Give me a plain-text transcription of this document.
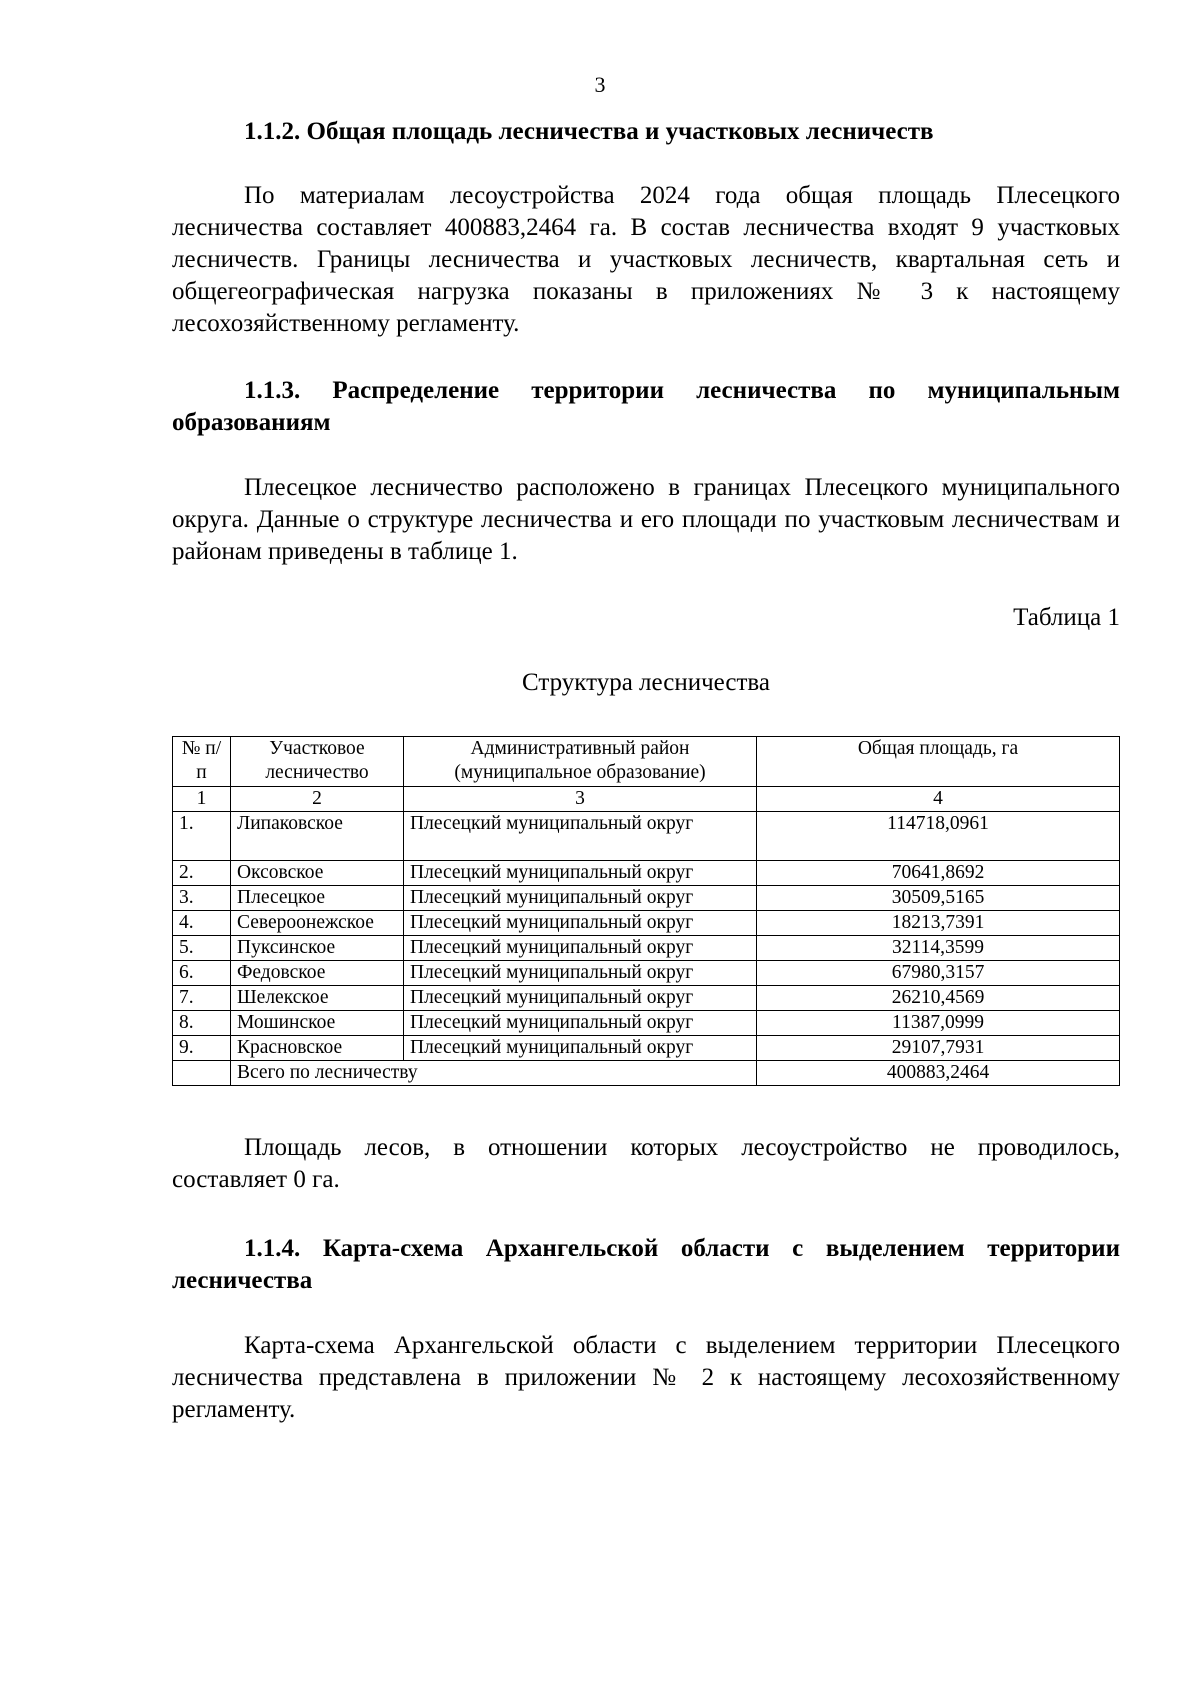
3
1.1.2. Общая площадь лесничества и участковых лесничеств
По материалам лесоустройства 2024 года общая площадь Плесецкого лесничества составляет 400883,2464 га. В состав лесничества входят 9 участковых лесничеств. Границы лесничества и участковых лесничеств, квартальная сеть и общегеографическая нагрузка показаны в приложениях № 3 к настоящему лесохозяйственному регламенту.
1.1.3. Распределение территории лесничества по муниципальным образованиям
Плесецкое лесничество расположено в границах Плесецкого муниципального округа. Данные о структуре лесничества и его площади по участковым лесничествам и районам приведены в таблице 1.
Таблица 1
Структура лесничества
№ п/п	Участковое лесничество	Административный район (муниципальное образование)	Общая площадь, га
1	2	3	4
1.	Липаковское	Плесецкий муниципальный округ	114718,0961
2.	Оксовское	Плесецкий муниципальный округ	70641,8692
3.	Плесецкое	Плесецкий муниципальный округ	30509,5165
4.	Североонежское	Плесецкий муниципальный округ	18213,7391
5.	Пуксинское	Плесецкий муниципальный округ	32114,3599
6.	Федовское	Плесецкий муниципальный округ	67980,3157
7.	Шелекское	Плесецкий муниципальный округ	26210,4569
8.	Мошинское	Плесецкий муниципальный округ	11387,0999
9.	Красновское	Плесецкий муниципальный округ	29107,7931
	Всего по лесничеству		400883,2464
Площадь лесов, в отношении которых лесоустройство не проводилось, составляет 0 га.
1.1.4. Карта-схема Архангельской области с выделением территории лесничества
Карта-схема Архангельской области с выделением территории Плесецкого лесничества представлена в приложении № 2 к настоящему лесохозяйственному регламенту.
